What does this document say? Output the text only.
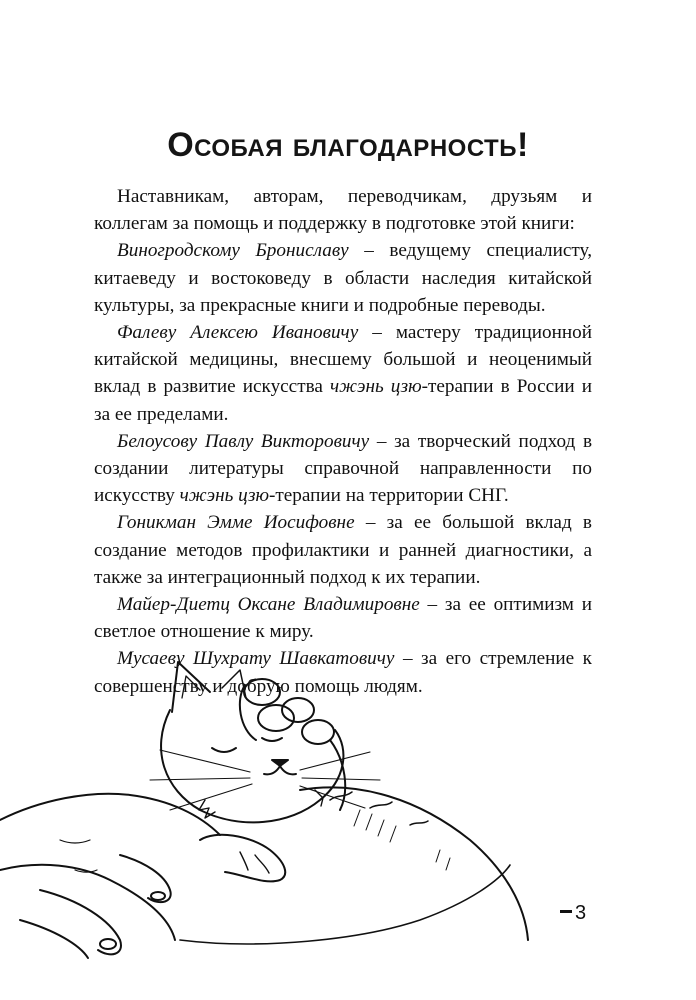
Особая благодарность!

Наставникам, авторам, переводчикам, друзьям и коллегам за помощь и поддержку в подготовке этой книги:

Виногродскому Брониславу – ведущему специалисту, китаеведу и востоковеду в области наследия китайской культуры, за прекрасные книги и подробные переводы.

Фалеву Алексею Ивановичу – мастеру традиционной китайской медицины, внесшему большой и неоценимый вклад в развитие искусства чжэнь цзю-терапии в России и за ее пределами.

Белоусову Павлу Викторовичу – за творческий подход в создании литературы справочной направленности по искусству чжэнь цзю-терапии на территории СНГ.

Гоникман Эмме Иосифовне – за ее большой вклад в создание методов профилактики и ранней диагностики, а также за интеграционный подход к их терапии.

Майер-Диетц Оксане Владимировне – за ее оптимизм и светлое отношение к миру.

Мусаеву Шухрату Шавкатовичу – за его стремление к совершенству и добрую помощь людям.

3
